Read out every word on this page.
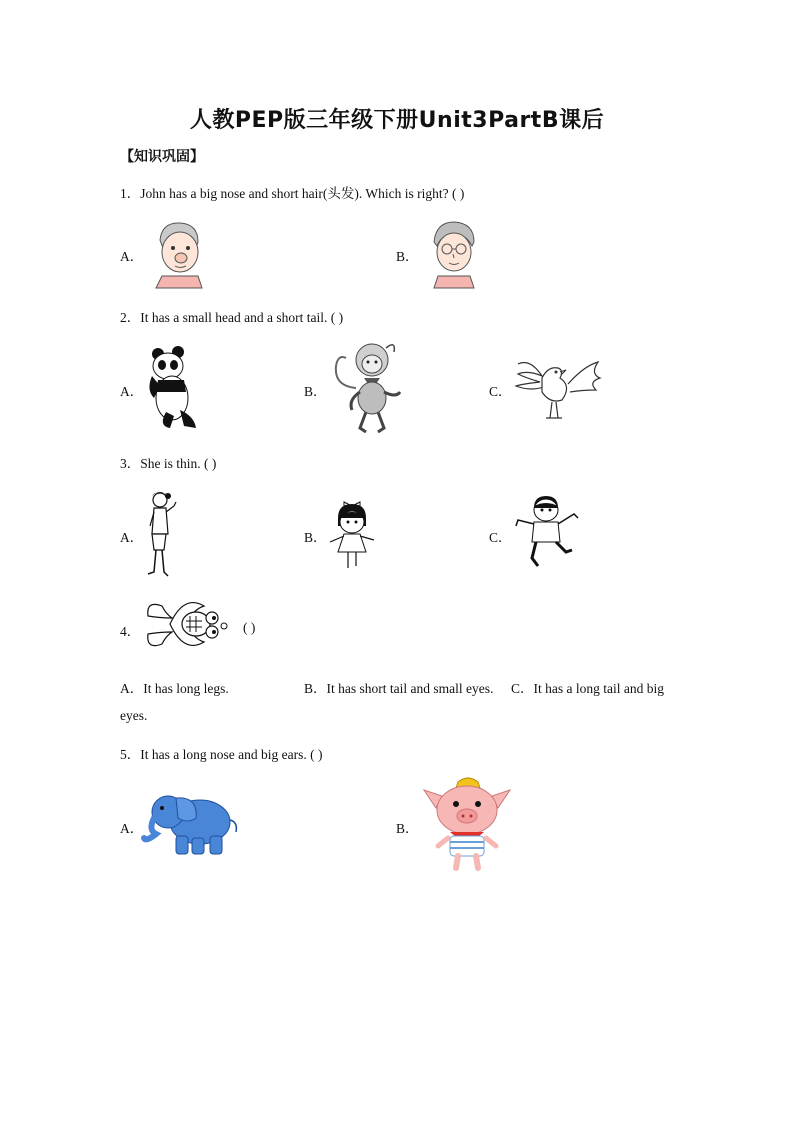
人教PEP版三年级下册Unit3PartB课后
【知识巩固】
1．John has a big nose and short hair(头发). Which is right? ( )
A．	B．
2．It has a small head and a short tail. ( )
A．	B．	C．
3．She is thin. ( )
A．	B．	C．
4．	( )
A．It has long legs.	B．It has short tail and small eyes. C．It has a long tail and big
eyes.
5．It has a long nose and big ears. ( )
A．	B．
